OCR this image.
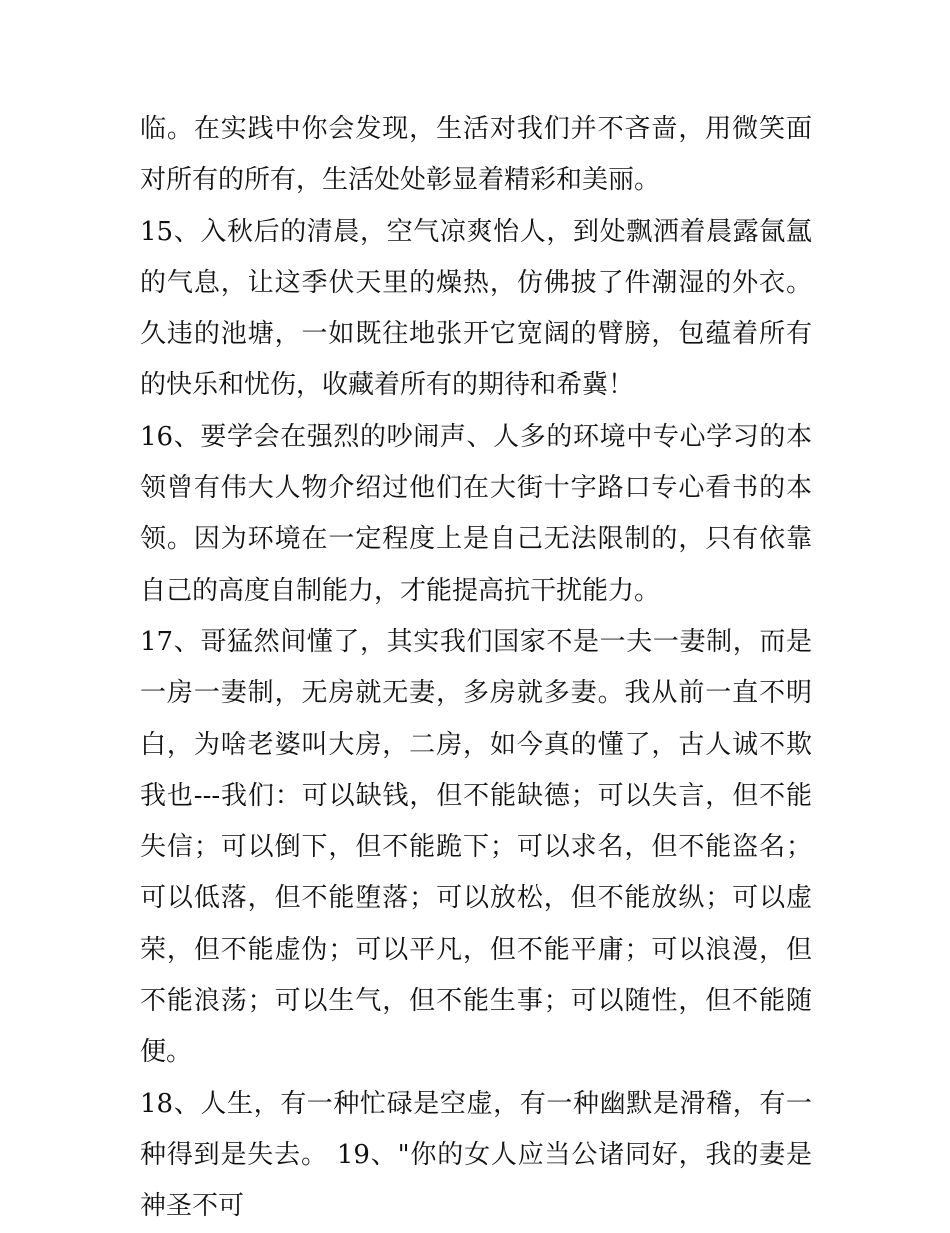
临。在实践中你会发现，生活对我们并不吝啬，用微笑面对所有的所有，生活处处彰显着精彩和美丽。

15、入秋后的清晨，空气凉爽怡人，到处飘洒着晨露氤氲的气息，让这季伏天里的燥热，仿佛披了件潮湿的外衣。久违的池塘，一如既往地张开它宽阔的臂膀，包蕴着所有的快乐和忧伤，收藏着所有的期待和希冀！

16、要学会在强烈的吵闹声、人多的环境中专心学习的本领曾有伟大人物介绍过他们在大街十字路口专心看书的本领。因为环境在一定程度上是自己无法限制的，只有依靠自己的高度自制能力，才能提高抗干扰能力。

17、哥猛然间懂了，其实我们国家不是一夫一妻制，而是一房一妻制，无房就无妻，多房就多妻。我从前一直不明白，为啥老婆叫大房，二房，如今真的懂了，古人诚不欺我也---我们：可以缺钱，但不能缺德；可以失言，但不能失信；可以倒下，但不能跪下；可以求名，但不能盗名；可以低落，但不能堕落；可以放松，但不能放纵；可以虚荣，但不能虚伪；可以平凡，但不能平庸；可以浪漫，但不能浪荡；可以生气，但不能生事；可以随性，但不能随便。

18、人生，有一种忙碌是空虚，有一种幽默是滑稽，有一种得到是失去。 19、"你的女人应当公诸同好，我的妻是神圣不可
